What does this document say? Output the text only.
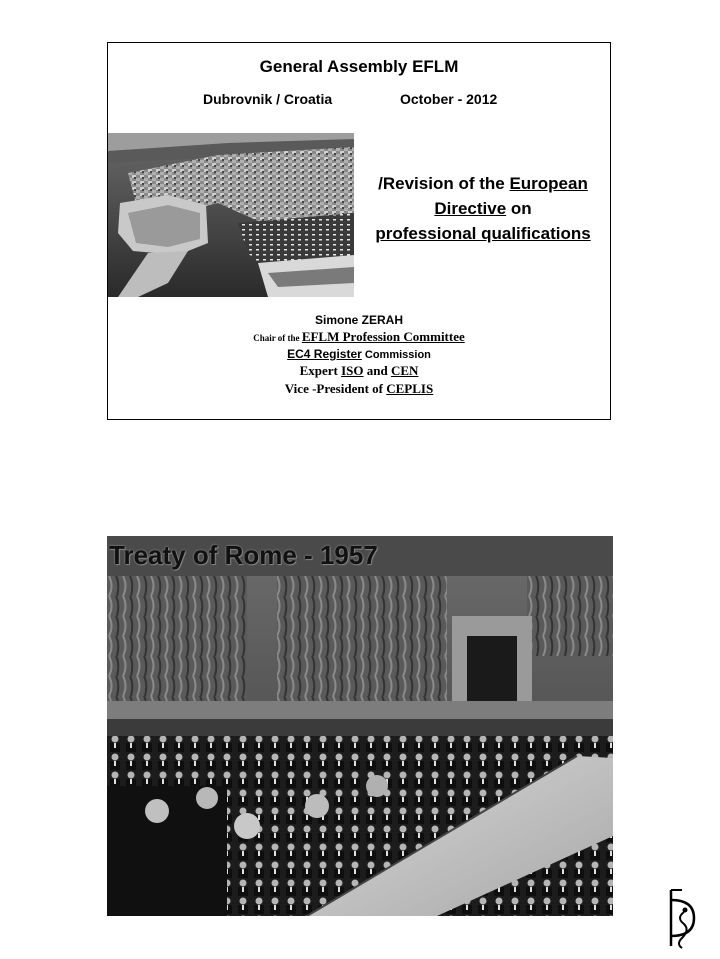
General Assembly EFLM
Dubrovnik / Croatia	October - 2012
/Revision of the European
Directive on
professional qualifications
Simone ZERAH
Chair of the EFLM Profession Committee
EC4 Register Commission
Expert ISO and CEN
Vice -President of CEPLIS
Treaty of Rome - 1957
